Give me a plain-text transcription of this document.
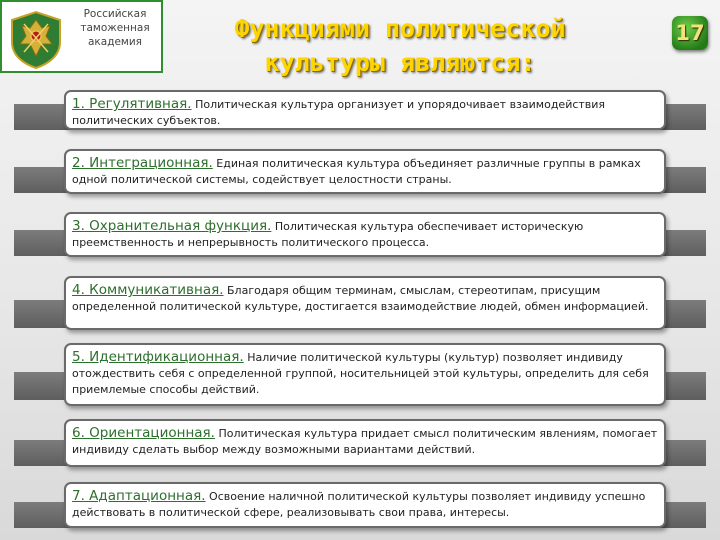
Российская таможенная академия	Функциями политической культуры являются:
17
1. Регулятивная. Политическая культура организует и упорядочивает взаимодействия политических субъектов.
2. Интеграционная. Единая политическая культура объединяет различные группы в рамках одной политической системы, содействует целостности страны.
3. Охранительная функция. Политическая культура обеспечивает историческую преемственность и непрерывность политического процесса.
4. Коммуникативная. Благодаря общим терминам, смыслам, стереотипам, присущим определенной политической культуре, достигается взаимодействие людей, обмен информацией.
5. Идентификационная. Наличие политической культуры (культур) позволяет индивиду отождествить себя с определенной группой, носительницей этой культуры, определить для себя приемлемые способы действий.
6. Ориентационная. Политическая культура придает смысл политическим явлениям, помогает индивиду сделать выбор между возможными вариантами действий.
7. Адаптационная. Освоение наличной политической культуры позволяет индивиду успешно действовать в политической сфере, реализовывать свои права, интересы.
